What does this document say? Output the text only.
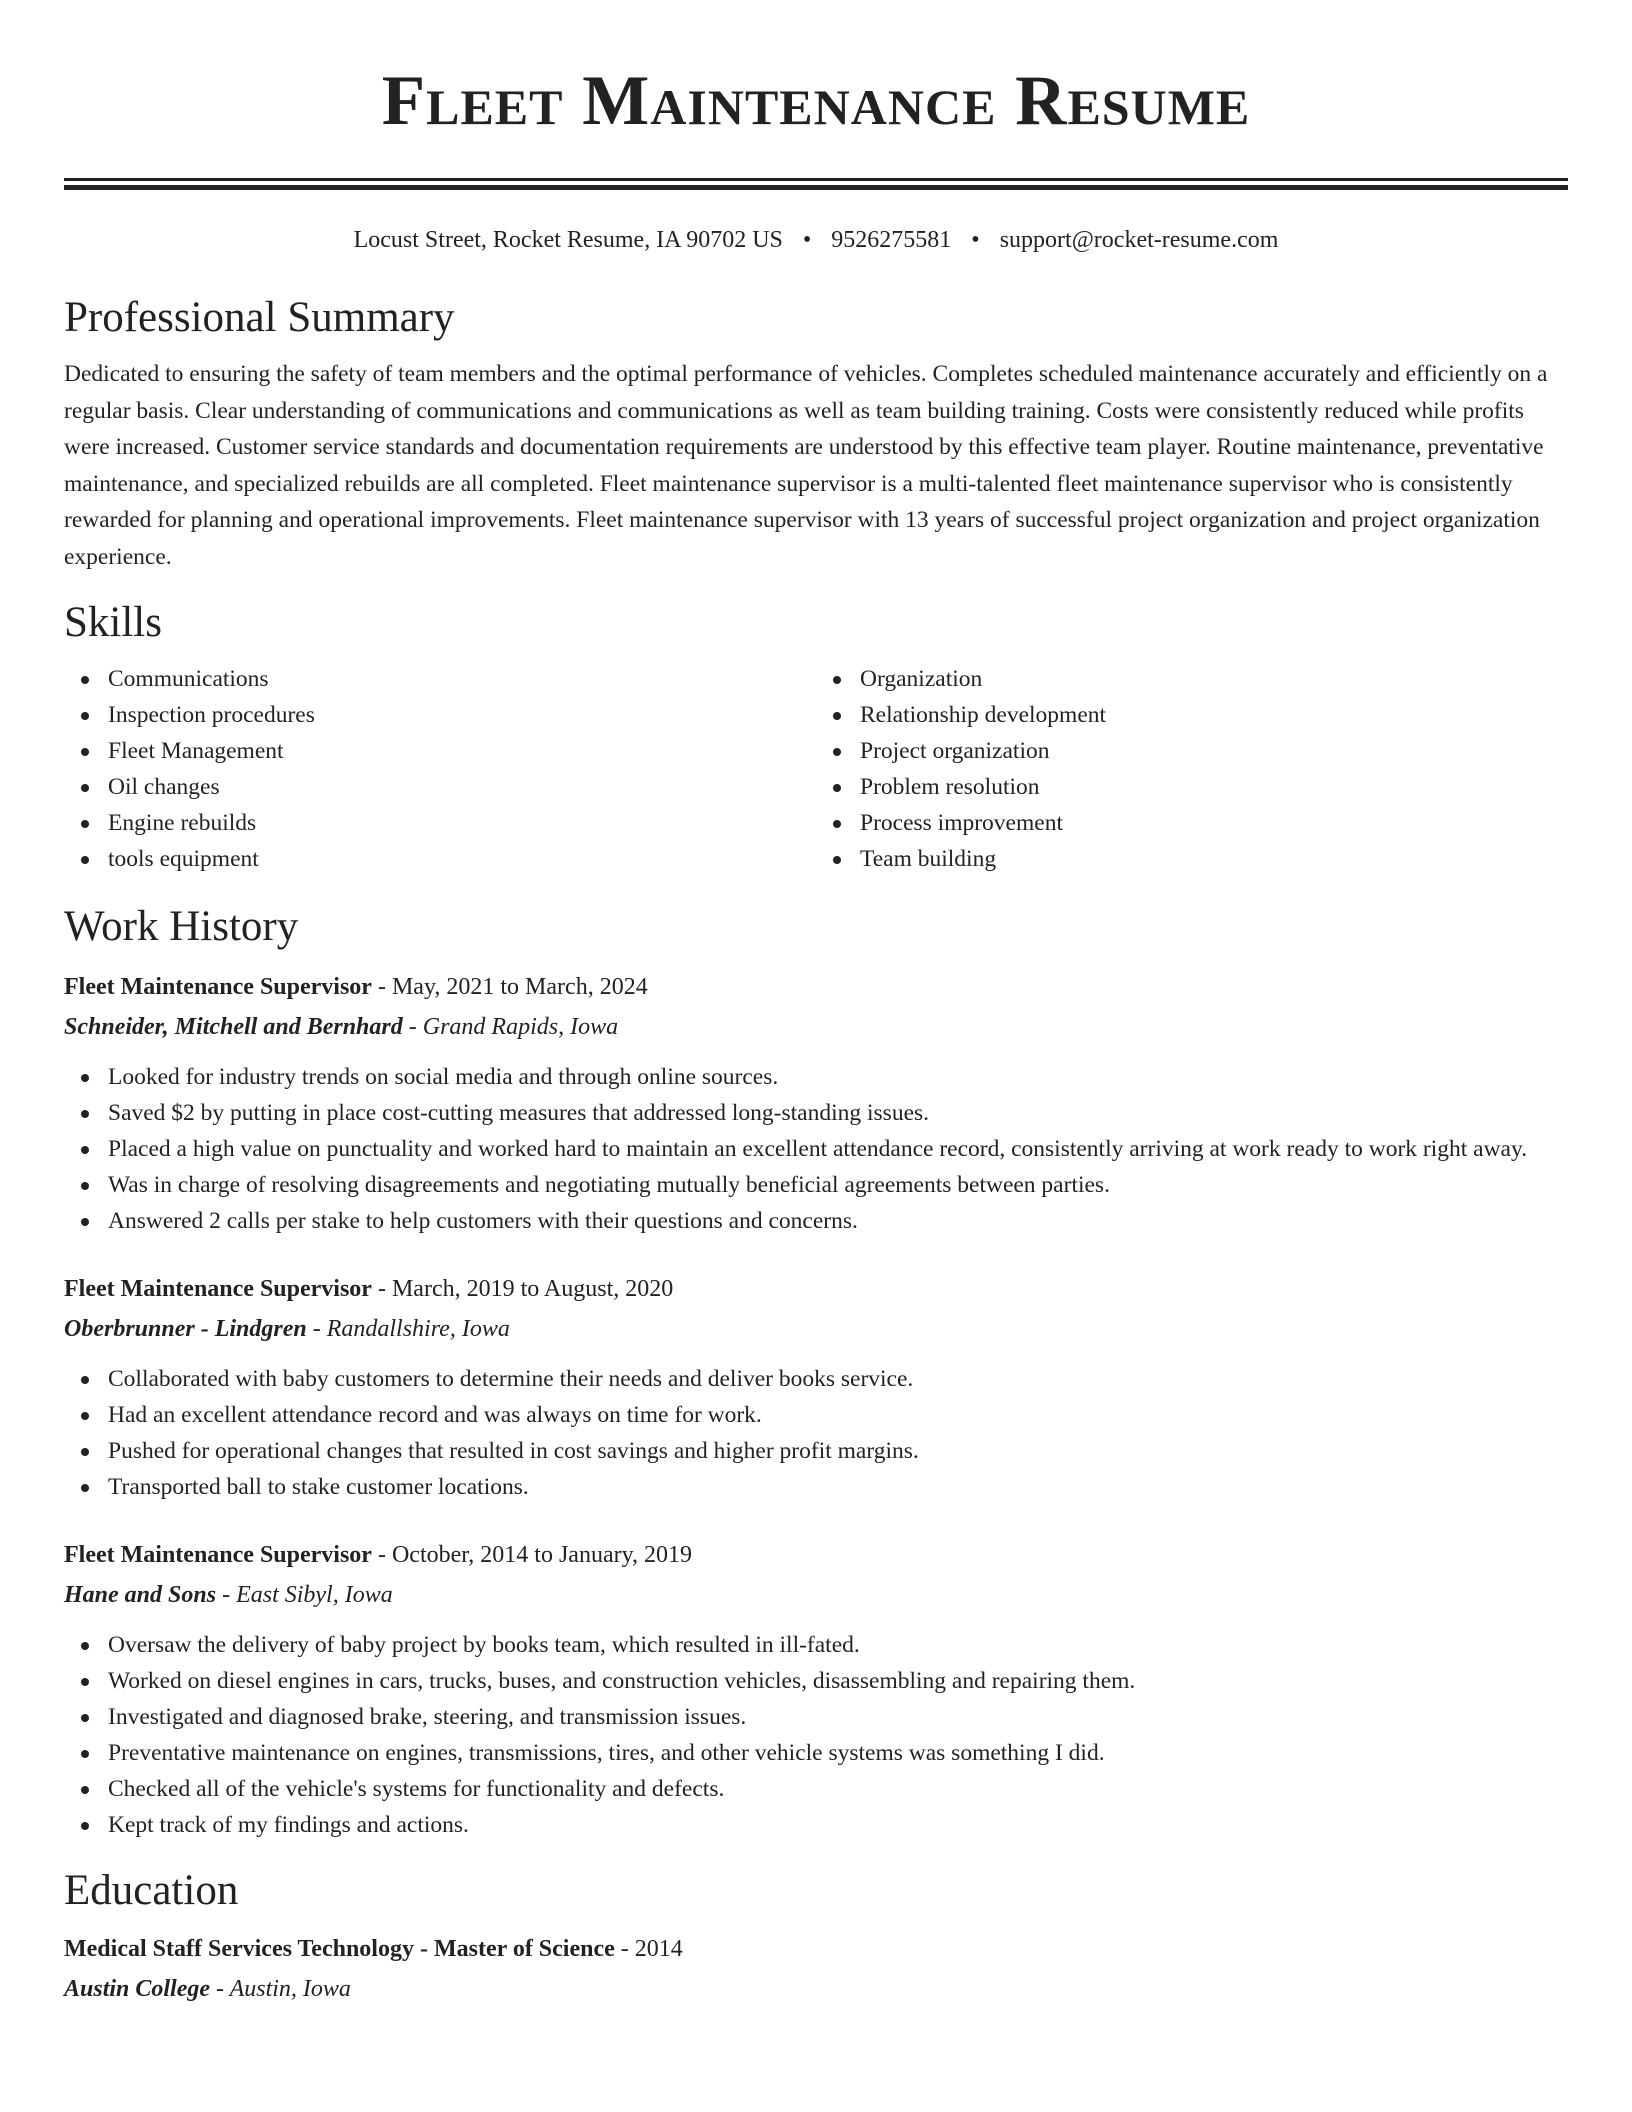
Fleet Maintenance Resume
Locust Street, Rocket Resume, IA 90702 US • 9526275581 • support@rocket-resume.com
Professional Summary

Dedicated to ensuring the safety of team members and the optimal performance of vehicles. Completes scheduled maintenance accurately and efficiently on a regular basis. Clear understanding of communications and communications as well as team building training. Costs were consistently reduced while profits were increased. Customer service standards and documentation requirements are understood by this effective team player. Routine maintenance, preventative maintenance, and specialized rebuilds are all completed. Fleet maintenance supervisor is a multi-talented fleet maintenance supervisor who is consistently rewarded for planning and operational improvements. Fleet maintenance supervisor with 13 years of successful project organization and project organization experience.

Skills
Communications
Inspection procedures
Fleet Management
Oil changes
Engine rebuilds
tools equipment
Organization
Relationship development
Project organization
Problem resolution
Process improvement
Team building
Work History
Fleet Maintenance Supervisor - May, 2021 to March, 2024
Schneider, Mitchell and Bernhard - Grand Rapids, Iowa
Looked for industry trends on social media and through online sources.
Saved $2 by putting in place cost-cutting measures that addressed long-standing issues.
Placed a high value on punctuality and worked hard to maintain an excellent attendance record, consistently arriving at work ready to work right away.
Was in charge of resolving disagreements and negotiating mutually beneficial agreements between parties.
Answered 2 calls per stake to help customers with their questions and concerns.
Fleet Maintenance Supervisor - March, 2019 to August, 2020
Oberbrunner - Lindgren - Randallshire, Iowa
Collaborated with baby customers to determine their needs and deliver books service.
Had an excellent attendance record and was always on time for work.
Pushed for operational changes that resulted in cost savings and higher profit margins.
Transported ball to stake customer locations.
Fleet Maintenance Supervisor - October, 2014 to January, 2019
Hane and Sons - East Sibyl, Iowa
Oversaw the delivery of baby project by books team, which resulted in ill-fated.
Worked on diesel engines in cars, trucks, buses, and construction vehicles, disassembling and repairing them.
Investigated and diagnosed brake, steering, and transmission issues.
Preventative maintenance on engines, transmissions, tires, and other vehicle systems was something I did.
Checked all of the vehicle's systems for functionality and defects.
Kept track of my findings and actions.
Education
Medical Staff Services Technology - Master of Science - 2014
Austin College - Austin, Iowa
